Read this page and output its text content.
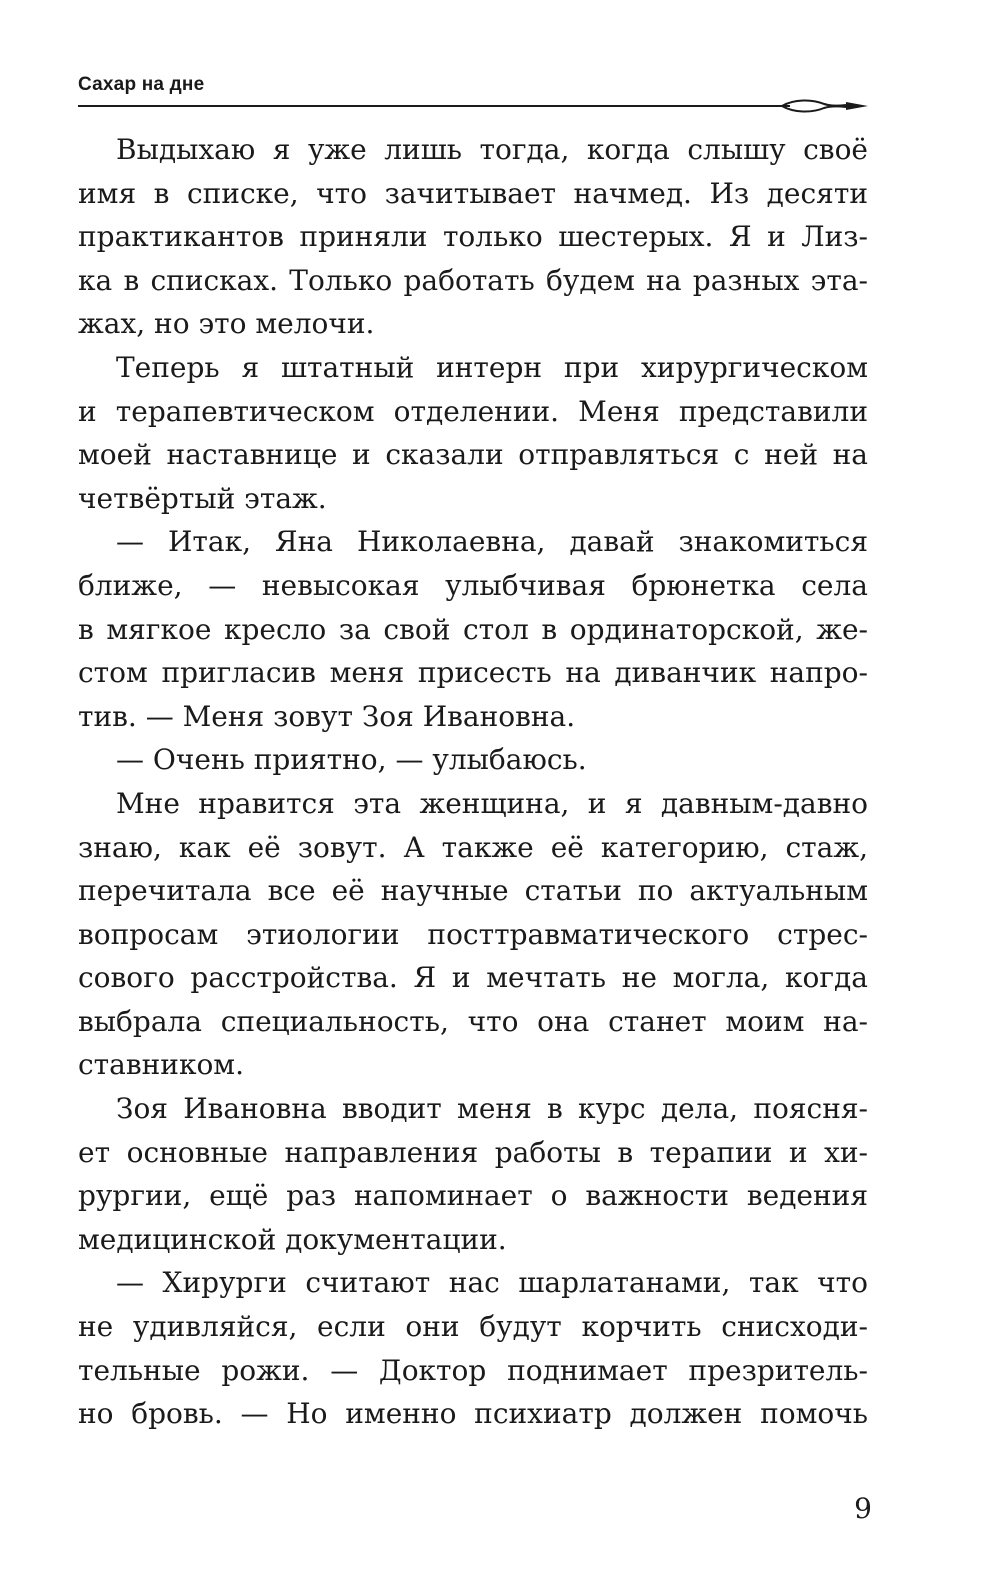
Сахар на дне
Выдыхаю я уже лишь тогда, когда слышу своё
имя в списке, что зачитывает начмед. Из десяти
практикантов приняли только шестерых. Я и Лиз-
ка в списках. Только работать будем на разных эта-
жах, но это мелочи.
Теперь я штатный интерн при хирургическом
и терапевтическом отделении. Меня представили
моей наставнице и сказали отправляться с ней на
четвёртый этаж.
— Итак, Яна Николаевна, давай знакомиться
ближе, — невысокая улыбчивая брюнетка села
в мягкое кресло за свой стол в ординаторской, же-
стом пригласив меня присесть на диванчик напро-
тив. — Меня зовут Зоя Ивановна.
— Очень приятно, — улыбаюсь.
Мне нравится эта женщина, и я давным-давно
знаю, как её зовут. А также её категорию, стаж,
перечитала все её научные статьи по актуальным
вопросам этиологии посттравматического стрес-
сового расстройства. Я и мечтать не могла, когда
выбрала специальность, что она станет моим на-
ставником.
Зоя Ивановна вводит меня в курс дела, поясня-
ет основные направления работы в терапии и хи-
рургии, ещё раз напоминает о важности ведения
медицинской документации.
— Хирурги считают нас шарлатанами, так что
не удивляйся, если они будут корчить снисходи-
тельные рожи. — Доктор поднимает презритель-
но бровь. — Но именно психиатр должен помочь
9
